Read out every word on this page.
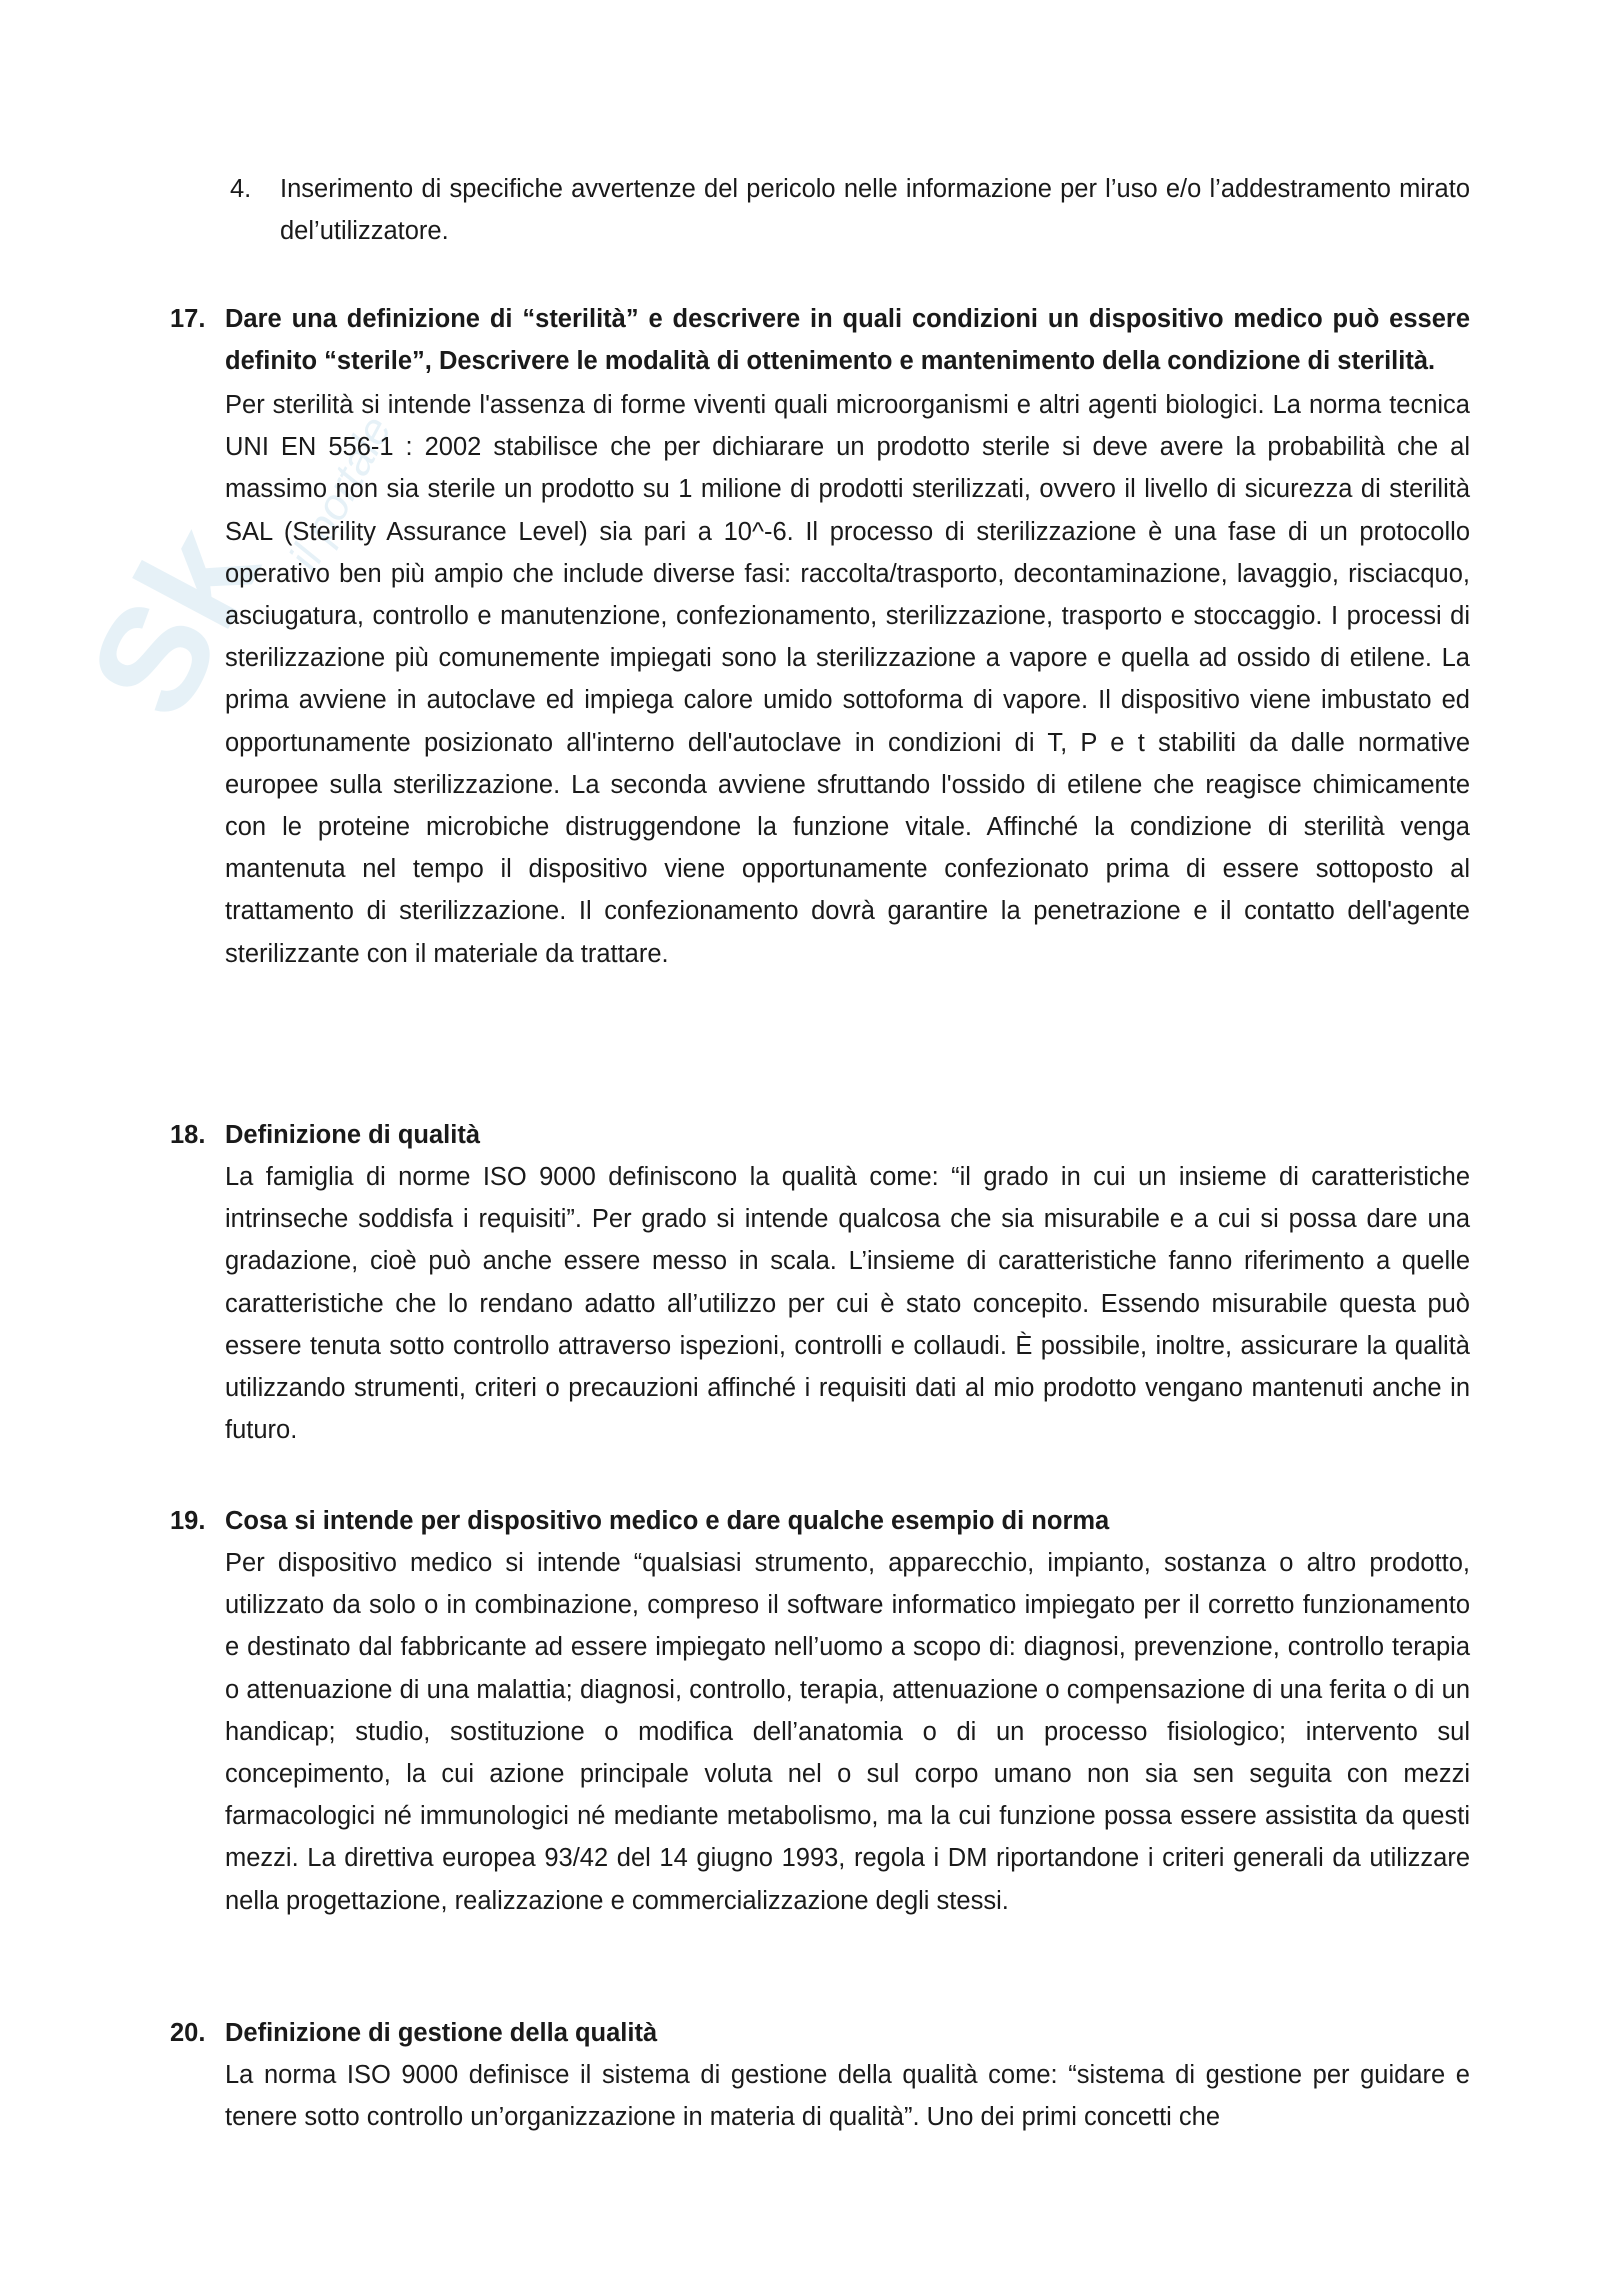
Sk
il portale
4. Inserimento di specifiche avvertenze del pericolo nelle informazione per l’uso e/o l’addestramento mirato del’utilizzatore.
17. Dare una definizione di “sterilità” e descrivere in quali condizioni un dispositivo medico può essere definito “sterile”, Descrivere le modalità di ottenimento e mantenimento della condizione di sterilità.
Per sterilità si intende l'assenza di forme viventi quali microorganismi e altri agenti biologici. La norma tecnica UNI EN 556-1 : 2002 stabilisce che per dichiarare un prodotto sterile si deve avere la probabilità che al massimo non sia sterile un prodotto su 1 milione di prodotti sterilizzati, ovvero il livello di sicurezza di sterilità SAL (Sterility Assurance Level) sia pari a 10^-6. Il processo di sterilizzazione è una fase di un protocollo operativo ben più ampio che include diverse fasi: raccolta/trasporto, decontaminazione, lavaggio, risciacquo, asciugatura, controllo e manutenzione, confezionamento, sterilizzazione, trasporto e stoccaggio. I processi di sterilizzazione più comunemente impiegati sono la sterilizzazione a vapore e quella ad ossido di etilene. La prima avviene in autoclave ed impiega calore umido sottoforma di vapore. Il dispositivo viene imbustato ed opportunamente posizionato all'interno dell'autoclave in condizioni di T, P e t stabiliti da dalle normative europee sulla sterilizzazione. La seconda avviene sfruttando l'ossido di etilene che reagisce chimicamente con le proteine microbiche distruggendone la funzione vitale. Affinché la condizione di sterilità venga mantenuta nel tempo il dispositivo viene opportunamente confezionato prima di essere sottoposto al trattamento di sterilizzazione. Il confezionamento dovrà garantire la penetrazione e il contatto dell'agente sterilizzante con il materiale da trattare.
18. Definizione di qualità
La famiglia di norme ISO 9000 definiscono la qualità come: “il grado in cui un insieme di caratteristiche intrinseche soddisfa i requisiti”. Per grado si intende qualcosa che sia misurabile e a cui si possa dare una gradazione, cioè può anche essere messo in scala. L’insieme di caratteristiche fanno riferimento a quelle caratteristiche che lo rendano adatto all’utilizzo per cui è stato concepito. Essendo misurabile questa può essere tenuta sotto controllo attraverso ispezioni, controlli e collaudi. È possibile, inoltre, assicurare la qualità utilizzando strumenti, criteri o precauzioni affinché i requisiti dati al mio prodotto vengano mantenuti anche in futuro.
19. Cosa si intende per dispositivo medico e dare qualche esempio di norma
Per dispositivo medico si intende “qualsiasi strumento, apparecchio, impianto, sostanza o altro prodotto, utilizzato da solo o in combinazione, compreso il software informatico impiegato per il corretto funzionamento e destinato dal fabbricante ad essere impiegato nell’uomo a scopo di: diagnosi, prevenzione, controllo terapia o attenuazione di una malattia; diagnosi, controllo, terapia, attenuazione o compensazione di una ferita o di un handicap; studio, sostituzione o modifica dell’anatomia o di un processo fisiologico; intervento sul concepimento, la cui azione principale voluta nel o sul corpo umano non sia sen seguita con mezzi farmacologici né immunologici né mediante metabolismo, ma la cui funzione possa essere assistita da questi mezzi. La direttiva europea 93/42 del 14 giugno 1993, regola i DM riportandone i criteri generali da utilizzare nella progettazione, realizzazione e commercializzazione degli stessi.
20. Definizione di gestione della qualità
La norma ISO 9000 definisce il sistema di gestione della qualità come: “sistema di gestione per guidare e tenere sotto controllo un’organizzazione in materia di qualità”. Uno dei primi concetti che
